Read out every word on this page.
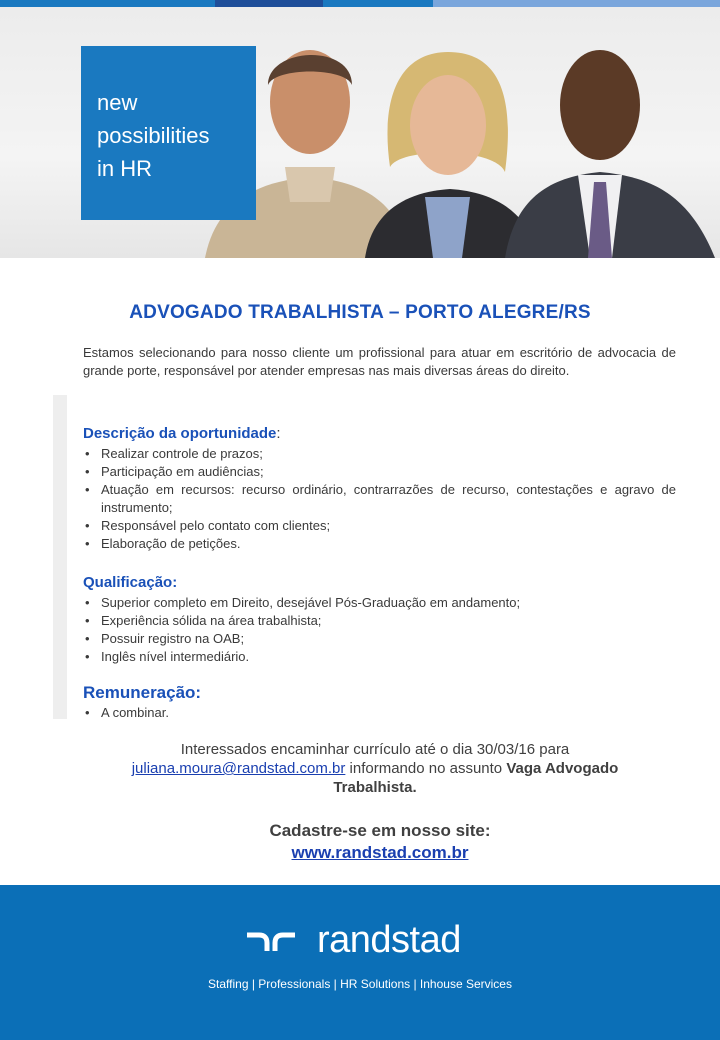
new
possibilities
in HR
ADVOGADO TRABALHISTA – PORTO ALEGRE/RS

Estamos selecionando para nosso cliente um profissional para atuar em escritório de advocacia de grande porte, responsável por atender empresas nas mais diversas áreas do direito.

Descrição da oportunidade:

• Realizar controle de prazos;
• Participação em audiências;
• Atuação em recursos: recurso ordinário, contrarrazões de recurso, contestações e agravo de instrumento;
• Responsável pelo contato com clientes;
• Elaboração de petições.

Qualificação:

• Superior completo em Direito, desejável Pós-Graduação em andamento;
• Experiência sólida na área trabalhista;
• Possuir registro na OAB;
• Inglês nível intermediário.

Remuneração:

• A combinar.
Interessados encaminhar currículo até o dia 30/03/16 para juliana.moura@randstad.com.br informando no assunto Vaga Advogado Trabalhista.
Cadastre-se em nosso site:
www.randstad.com.br
randstad
Staffing | Professionals | HR Solutions | Inhouse Services
